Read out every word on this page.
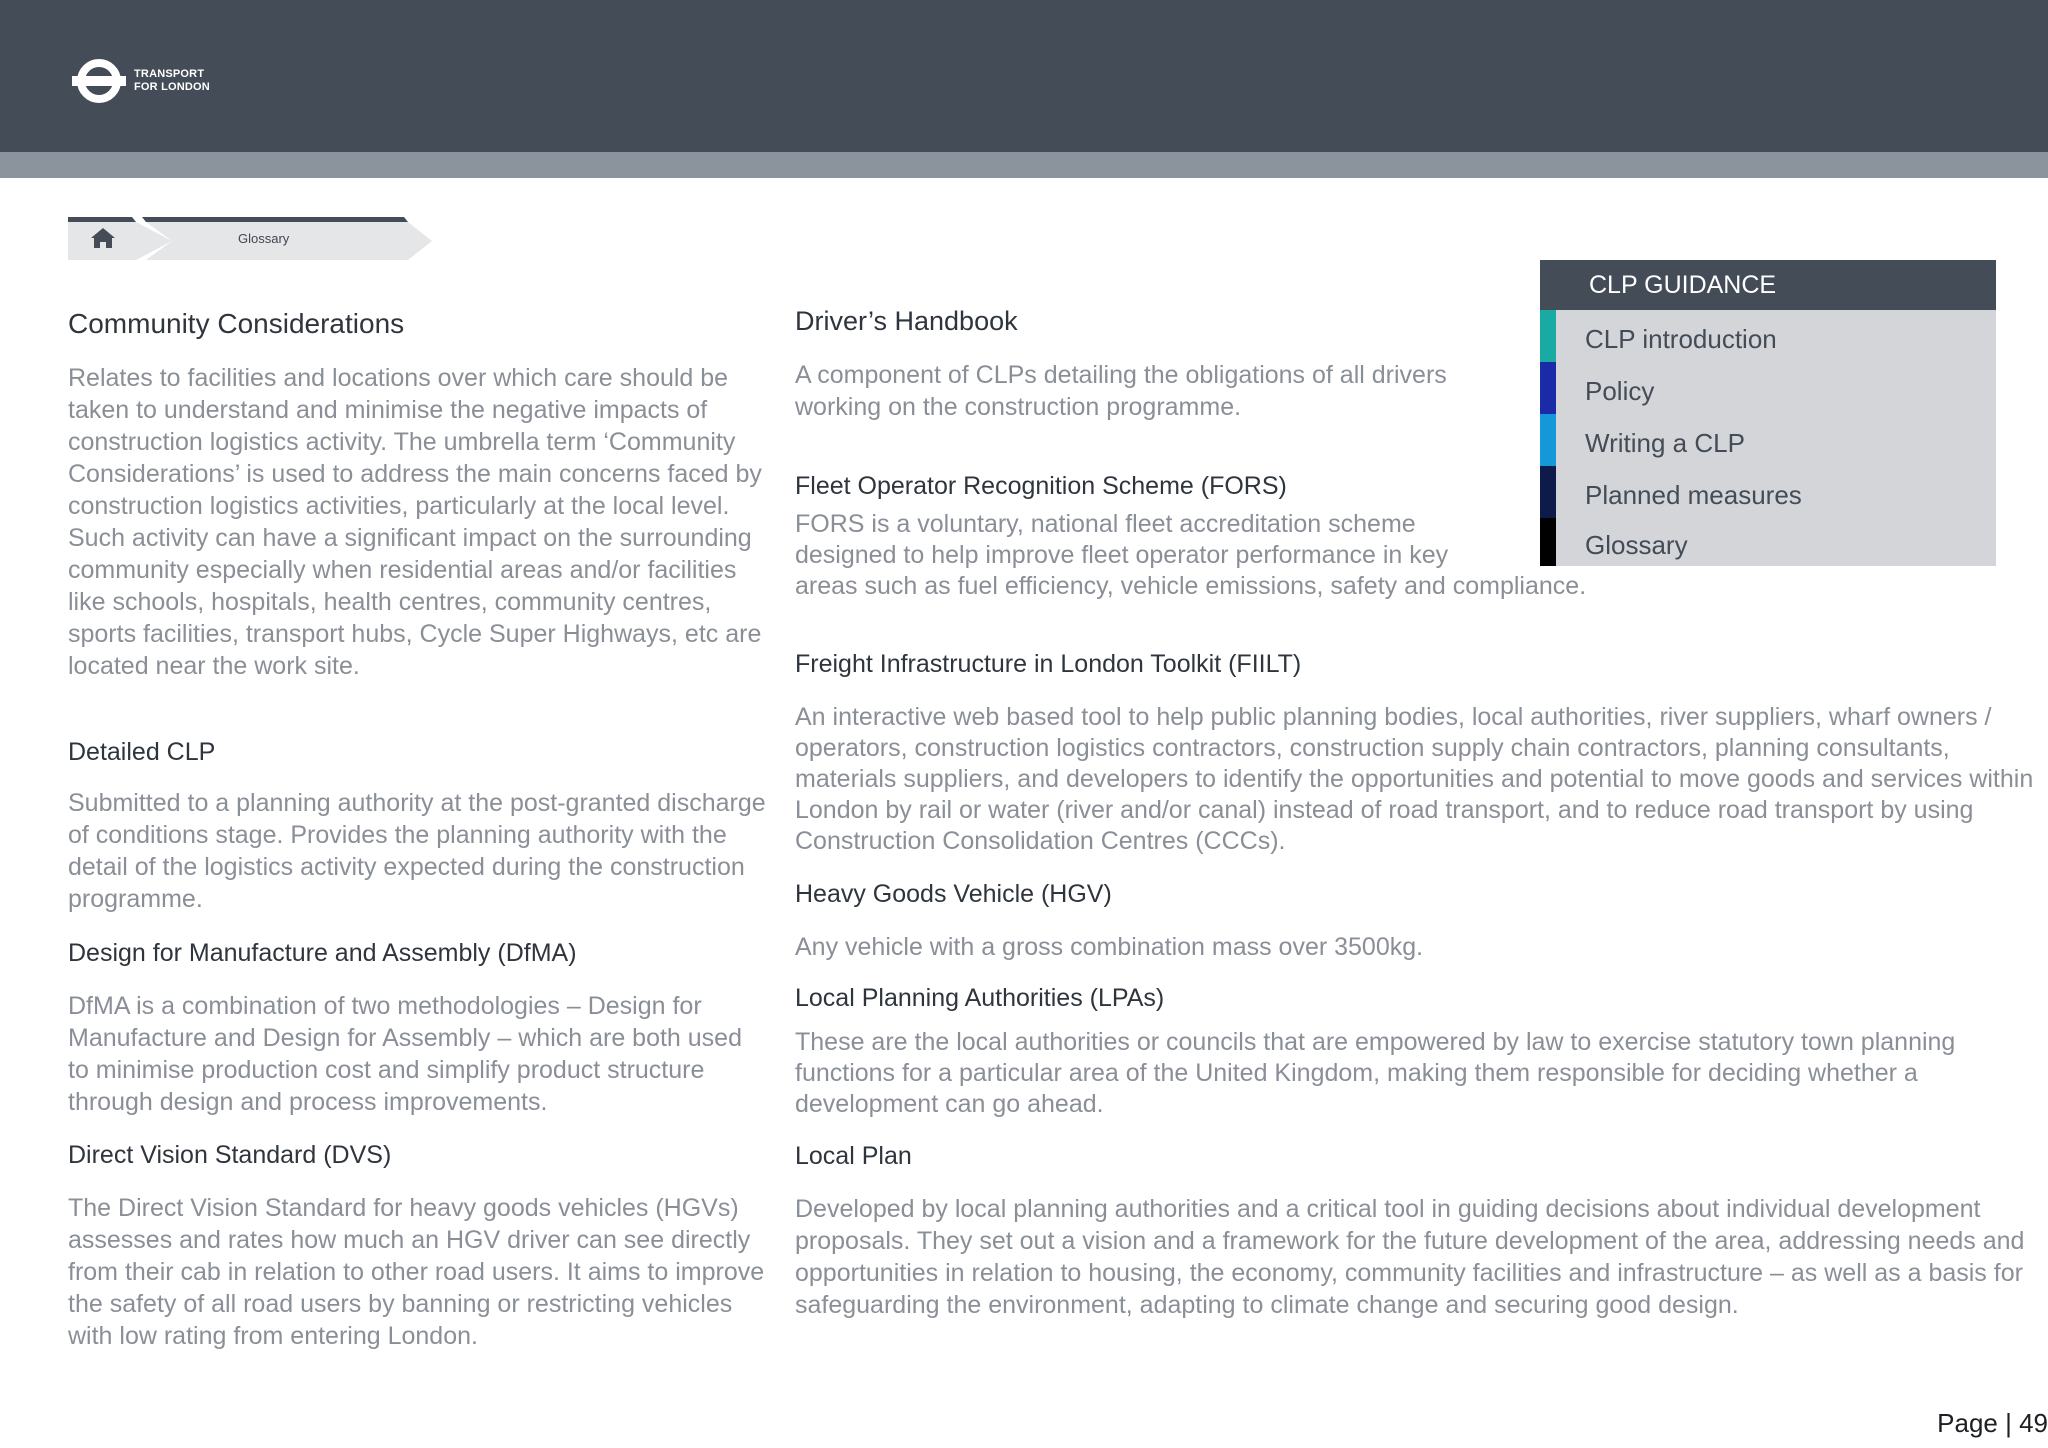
TRANSPORT
FOR LONDON
Glossary
CLP GUIDANCE
CLP introduction
Policy
Writing a CLP
Planned measures
Glossary
Community Considerations
Relates to facilities and locations over which care should be taken to understand and minimise the negative impacts of construction logistics activity. The umbrella term ‘Community Considerations’ is used to address the main concerns faced by construction logistics activities, particularly at the local level. Such activity can have a significant impact on the surrounding community especially when residential areas and/or facilities like schools, hospitals, health centres, community centres, sports facilities, transport hubs, Cycle Super Highways, etc are located near the work site.
Detailed CLP
Submitted to a planning authority at the post-granted discharge of conditions stage. Provides the planning authority with the detail of the logistics activity expected during the construction programme.
Design for Manufacture and Assembly (DfMA)
DfMA is a combination of two methodologies – Design for Manufacture and Design for Assembly – which are both used to minimise production cost and simplify product structure through design and process improvements.
Direct Vision Standard (DVS)
The Direct Vision Standard for heavy goods vehicles (HGVs) assesses and rates how much an HGV driver can see directly from their cab in relation to other road users. It aims to improve the safety of all road users by banning or restricting vehicles with low rating from entering London.
Driver’s Handbook
A component of CLPs detailing the obligations of all drivers working on the construction programme.
Fleet Operator Recognition Scheme (FORS)
FORS is a voluntary, national fleet accreditation scheme
designed to help improve fleet operator performance in key
areas such as fuel efficiency, vehicle emissions, safety and compliance.
Freight Infrastructure in London Toolkit (FIILT)
An interactive web based tool to help public planning bodies, local authorities, river suppliers, wharf owners / operators, construction logistics contractors, construction supply chain contractors, planning consultants, materials suppliers, and developers to identify the opportunities and potential to move goods and services within London by rail or water (river and/or canal) instead of road transport, and to reduce road transport by using Construction Consolidation Centres (CCCs).
Heavy Goods Vehicle (HGV)
Any vehicle with a gross combination mass over 3500kg.
Local Planning Authorities (LPAs)
These are the local authorities or councils that are empowered by law to exercise statutory town planning functions for a particular area of the United Kingdom, making them responsible for deciding whether a development can go ahead.
Local Plan
Developed by local planning authorities and a critical tool in guiding decisions about individual development proposals. They set out a vision and a framework for the future development of the area, addressing needs and opportunities in relation to housing, the economy, community facilities and infrastructure – as well as a basis for safeguarding the environment, adapting to climate change and securing good design.
Page | 49
